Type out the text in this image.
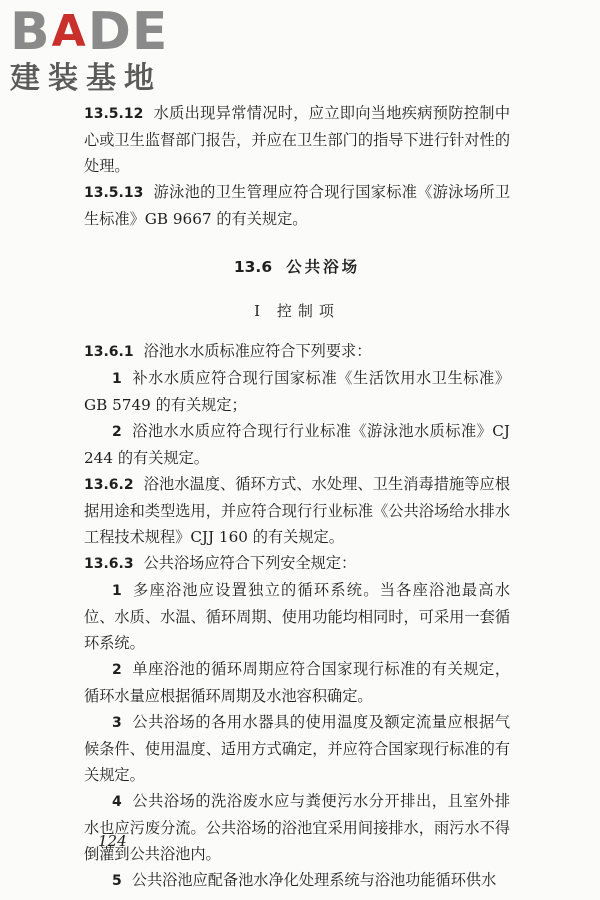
B A DE
建装基地

13.5.12 水质出现异常情况时，应立即向当地疾病预防控制中心或卫生监督部门报告，并应在卫生部门的指导下进行针对性的处理。

13.5.13 游泳池的卫生管理应符合现行国家标准《游泳场所卫生标准》GB 9667 的有关规定。

13.6 公共浴场
Ⅰ 控制项

13.6.1 浴池水水质标准应符合下列要求：

1 补水水质应符合现行国家标准《生活饮用水卫生标准》GB 5749 的有关规定；

2 浴池水水质应符合现行行业标准《游泳池水质标准》CJ 244 的有关规定。

13.6.2 浴池水温度、循环方式、水处理、卫生消毒措施等应根据用途和类型选用，并应符合现行行业标准《公共浴场给水排水工程技术规程》CJJ 160 的有关规定。

13.6.3 公共浴场应符合下列安全规定：

1 多座浴池应设置独立的循环系统。当各座浴池最高水位、水质、水温、循环周期、使用功能均相同时，可采用一套循环系统。

2 单座浴池的循环周期应符合国家现行标准的有关规定，循环水量应根据循环周期及水池容积确定。

3 公共浴场的各用水器具的使用温度及额定流量应根据气候条件、使用温度、适用方式确定，并应符合国家现行标准的有关规定。

4 公共浴场的洗浴废水应与粪便污水分开排出，且室外排水也应污废分流。公共浴场的浴池宜采用间接排水，雨污水不得倒灌到公共浴池内。

5 公共浴池应配备池水净化处理系统与浴池功能循环供水

124
